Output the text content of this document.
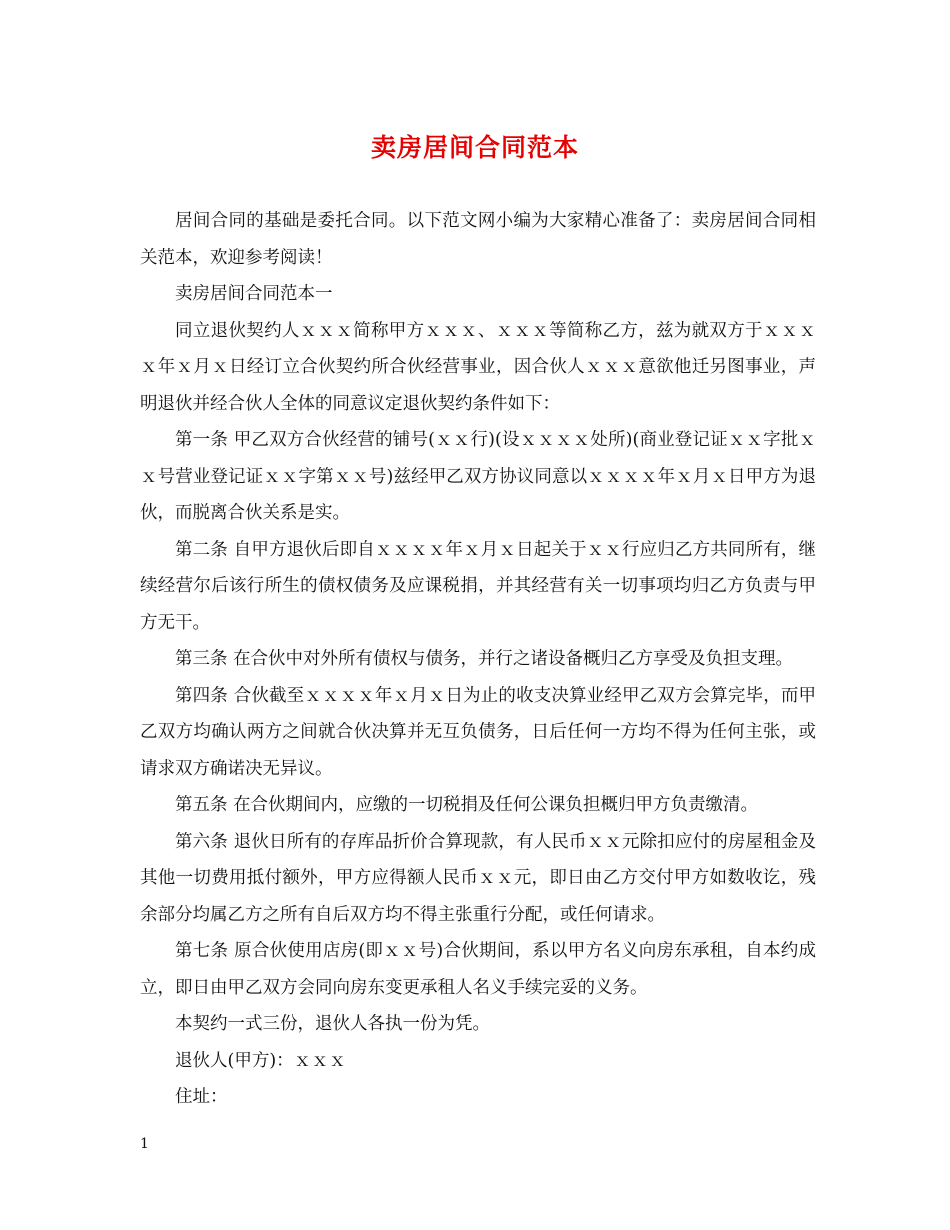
卖房居间合同范本

居间合同的基础是委托合同。以下范文网小编为大家精心准备了：卖房居间合同相关范本，欢迎参考阅读！

卖房居间合同范本一

同立退伙契约人ｘｘｘ简称甲方ｘｘｘ、ｘｘｘ等简称乙方，兹为就双方于ｘｘｘｘ年ｘ月ｘ日经订立合伙契约所合伙经营事业，因合伙人ｘｘｘ意欲他迁另图事业，声明退伙并经合伙人全体的同意议定退伙契约条件如下：

第一条 甲乙双方合伙经营的铺号(ｘｘ行)(设ｘｘｘｘ处所)(商业登记证ｘｘ字批ｘｘ号营业登记证ｘｘ字第ｘｘ号)兹经甲乙双方协议同意以ｘｘｘｘ年ｘ月ｘ日甲方为退伙，而脱离合伙关系是实。

第二条 自甲方退伙后即自ｘｘｘｘ年ｘ月ｘ日起关于ｘｘ行应归乙方共同所有，继续经营尔后该行所生的债权债务及应课税捐，并其经营有关一切事项均归乙方负责与甲方无干。

第三条 在合伙中对外所有债权与债务，并行之诸设备概归乙方享受及负担支理。

第四条 合伙截至ｘｘｘｘ年ｘ月ｘ日为止的收支决算业经甲乙双方会算完毕，而甲乙双方均确认两方之间就合伙决算并无互负债务，日后任何一方均不得为任何主张，或请求双方确诺决无异议。

第五条 在合伙期间内，应缴的一切税捐及任何公课负担概归甲方负责缴清。

第六条 退伙日所有的存库品折价合算现款，有人民币ｘｘ元除扣应付的房屋租金及其他一切费用抵付额外，甲方应得额人民币ｘｘ元，即日由乙方交付甲方如数收讫，残余部分均属乙方之所有自后双方均不得主张重行分配，或任何请求。

第七条 原合伙使用店房(即ｘｘ号)合伙期间，系以甲方名义向房东承租，自本约成立，即日由甲乙双方会同向房东变更承租人名义手续完妥的义务。

本契约一式三份，退伙人各执一份为凭。

退伙人(甲方)：ｘｘｘ

住址：

1
